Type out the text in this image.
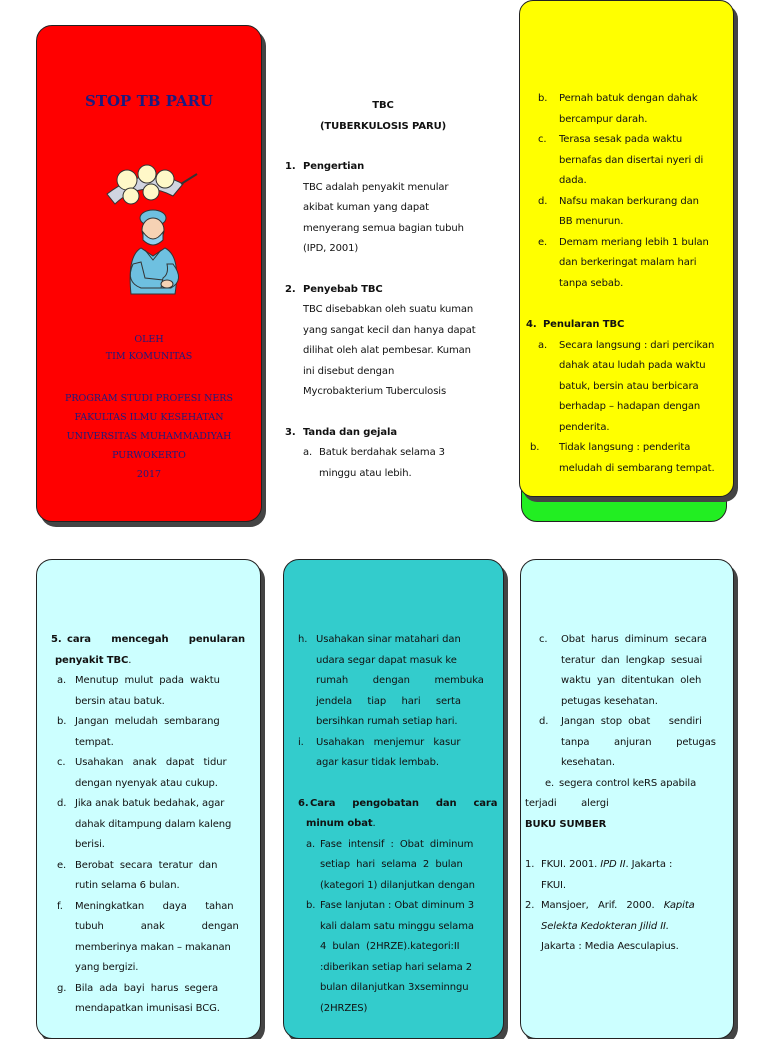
STOP TB PARU
OLEH
TIM KOMUNITAS
PROGRAM STUDI PROFESI NERS
FAKULTAS ILMU KESEHATAN
UNIVERSITAS MUHAMMADIYAH
PURWOKERTO
2017
TBC
(TUBERKULOSIS PARU)
1. Pengertian
TBC adalah penyakit menular
akibat kuman yang dapat
menyerang semua bagian tubuh
(IPD, 2001)
2. Penyebab TBC
TBC disebabkan oleh suatu kuman
yang sangat kecil dan hanya dapat
dilihat oleh alat pembesar. Kuman
ini disebut dengan
Mycrobakterium Tuberculosis
3. Tanda dan gejala
a. Batuk berdahak selama 3
minggu atau lebih.
b. Pernah batuk dengan dahak
bercampur darah.
c. Terasa sesak pada waktu
bernafas dan disertai nyeri di
dada.
d. Nafsu makan berkurang dan
BB menurun.
e. Demam meriang lebih 1 bulan
dan berkeringat malam hari
tanpa sebab.
4. Penularan TBC
a. Secara langsung : dari percikan
dahak atau ludah pada waktu
batuk, bersin atau berbicara
berhadap – hadapan dengan
penderita.
b. Tidak langsung : penderita
meludah di sembarang tempat.
5. cara      mencegah      penularan
penyakit TBC.
a. Menutup  mulut  pada  waktu
bersin atau batuk.
b. Jangan  meludah  sembarang
tempat.
c. Usahakan   anak   dapat   tidur
dengan nyenyak atau cukup.
d. Jika anak batuk bedahak, agar
dahak ditampung dalam kaleng
berisi.
e. Berobat  secara  teratur  dan
rutin selama 6 bulan.
f. Meningkatkan      daya      tahan
tubuh            anak            dengan
memberinya makan – makanan
yang bergizi.
g. Bila  ada  bayi  harus  segera
mendapatkan imunisasi BCG.
h. Usahakan sinar matahari dan
udara segar dapat masuk ke
rumah        dengan        membuka
jendela     tiap     hari     serta
bersihkan rumah setiap hari.
i. Usahakan   menjemur   kasur
agar kasur tidak lembab.
6. Cara     pengobatan     dan     cara
minum obat.
a. Fase  intensif  :  Obat  diminum
setiap  hari  selama  2  bulan
(kategori 1) dilanjutkan dengan
b. Fase lanjutan : Obat diminum 3
kali dalam satu minggu selama
4  bulan  (2HRZE).kategori:II
:diberikan setiap hari selama 2
bulan dilanjutkan 3xseminngu
(2HRZES)
c. Obat  harus  diminum  secara
teratur  dan  lengkap  sesuai
waktu  yan  ditentukan  oleh
petugas kesehatan.
d. Jangan  stop  obat      sendiri
tanpa        anjuran        petugas
kesehatan.
e. segera control keRS apabila
terjadi        alergi
BUKU SUMBER
1. FKUI. 2001. IPD II. Jakarta :
FKUI.
2. Mansjoer,   Arif.   2000.   Kapita
Selekta Kedokteran Jilid II.
Jakarta : Media Aesculapius.
